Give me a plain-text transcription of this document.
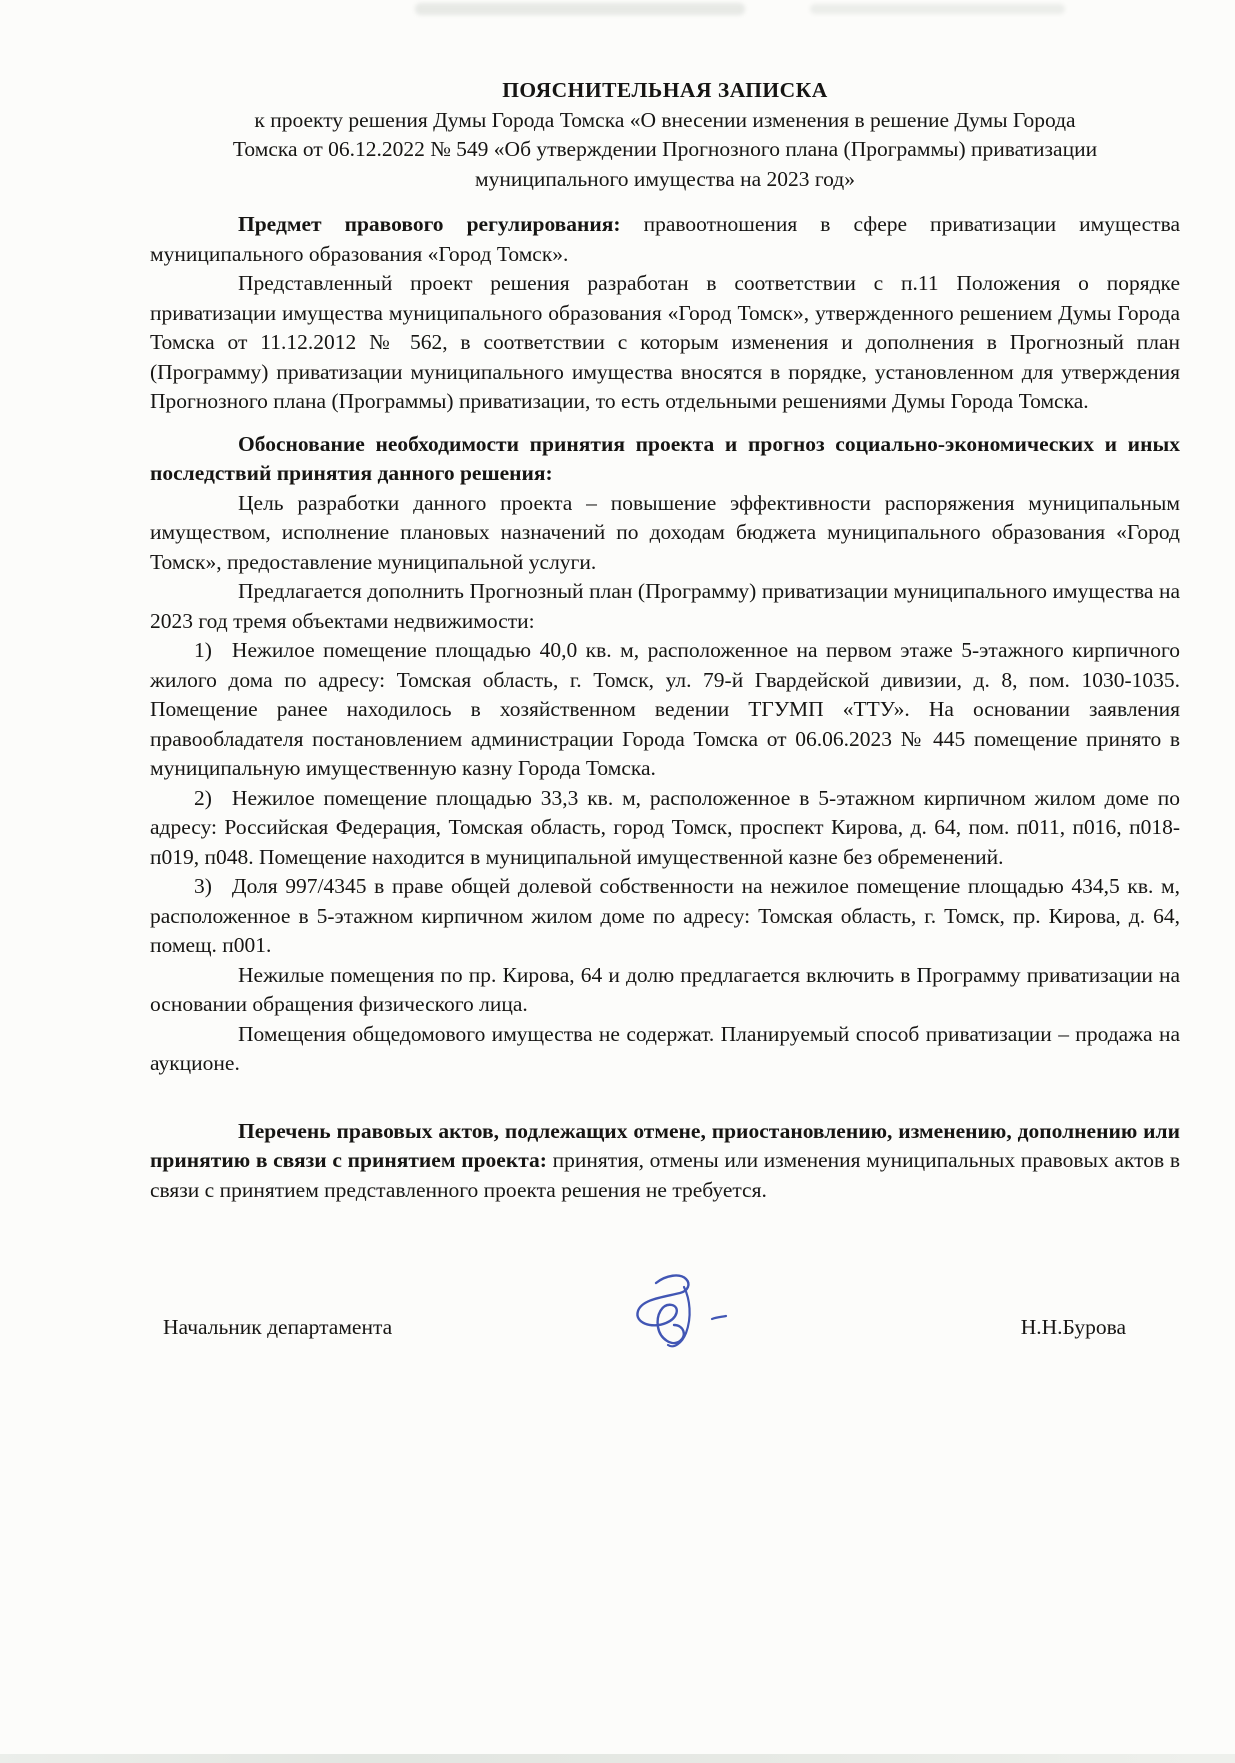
ПОЯСНИТЕЛЬНАЯ ЗАПИСКА
к проекту решения Думы Города Томска «О внесении изменения в решение Думы Города
Томска от 06.12.2022 № 549 «Об утверждении Прогнозного плана (Программы) приватизации
муниципального имущества на 2023 год»

Предмет правового регулирования: правоотношения в сфере приватизации имущества муниципального образования «Город Томск».

Представленный проект решения разработан в соответствии с п.11 Положения о порядке приватизации имущества муниципального образования «Город Томск», утвержденного решением Думы Города Томска от 11.12.2012 № 562, в соответствии с которым изменения и дополнения в Прогнозный план (Программу) приватизации муниципального имущества вносятся в порядке, установленном для утверждения Прогнозного плана (Программы) приватизации, то есть отдельными решениями Думы Города Томска.

Обоснование необходимости принятия проекта и прогноз социально-экономических и иных последствий принятия данного решения:

Цель разработки данного проекта – повышение эффективности распоряжения муниципальным имуществом, исполнение плановых назначений по доходам бюджета муниципального образования «Город Томск», предоставление муниципальной услуги.

Предлагается дополнить Прогнозный план (Программу) приватизации муниципального имущества на 2023 год тремя объектами недвижимости:

1) Нежилое помещение площадью 40,0 кв. м, расположенное на первом этаже 5-этажного кирпичного жилого дома по адресу: Томская область, г. Томск, ул. 79-й Гвардейской дивизии, д. 8, пом. 1030-1035. Помещение ранее находилось в хозяйственном ведении ТГУМП «ТТУ». На основании заявления правообладателя постановлением администрации Города Томска от 06.06.2023 № 445 помещение принято в муниципальную имущественную казну Города Томска.

2) Нежилое помещение площадью 33,3 кв. м, расположенное в 5-этажном кирпичном жилом доме по адресу: Российская Федерация, Томская область, город Томск, проспект Кирова, д. 64, пом. п011, п016, п018-п019, п048. Помещение находится в муниципальной имущественной казне без обременений.

3) Доля 997/4345 в праве общей долевой собственности на нежилое помещение площадью 434,5 кв. м, расположенное в 5-этажном кирпичном жилом доме по адресу: Томская область, г. Томск, пр. Кирова, д. 64, помещ. п001.

Нежилые помещения по пр. Кирова, 64 и долю предлагается включить в Программу приватизации на основании обращения физического лица.

Помещения общедомового имущества не содержат. Планируемый способ приватизации – продажа на аукционе.

Перечень правовых актов, подлежащих отмене, приостановлению, изменению, дополнению или принятию в связи с принятием проекта: принятия, отмены или изменения муниципальных правовых актов в связи с принятием представленного проекта решения не требуется.

Начальник департамента	Н.Н.Бурова
